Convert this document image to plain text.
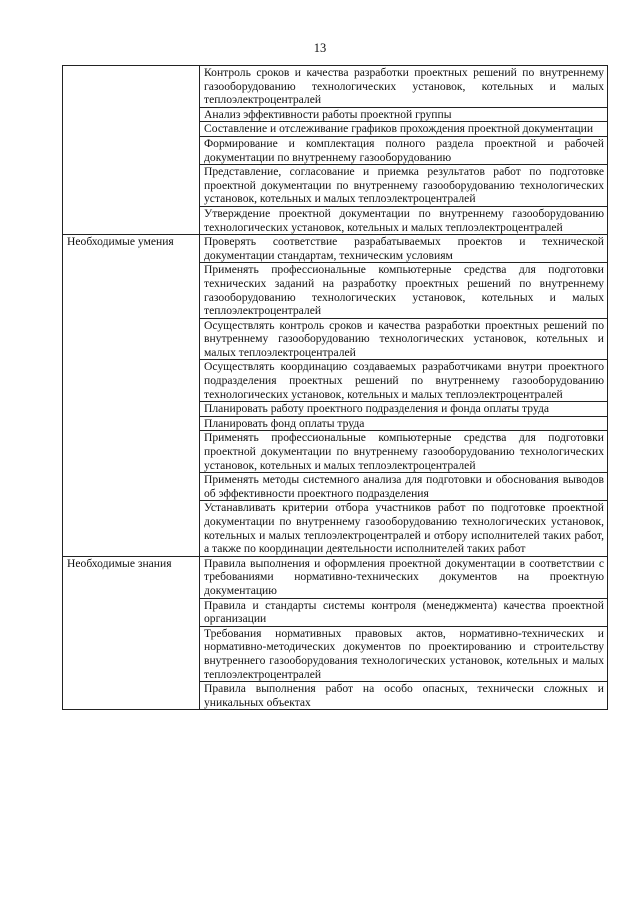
13
	Контроль сроков и качества разработки проектных решений по внутреннему газооборудованию технологических установок, котельных и малых теплоэлектроцентралей
	Анализ эффективности работы проектной группы
	Составление и отслеживание графиков прохождения проектной документации
	Формирование и комплектация полного раздела проектной и рабочей документации по внутреннему газооборудованию
	Представление, согласование и приемка результатов работ по подготовке проектной документации по внутреннему газооборудованию технологических установок, котельных и малых теплоэлектроцентралей
	Утверждение проектной документации по внутреннему газооборудованию технологических установок, котельных и малых теплоэлектроцентралей
Необходимые умения	Проверять соответствие разрабатываемых проектов и технической документации стандартам, техническим условиям
	Применять профессиональные компьютерные средства для подготовки технических заданий на разработку проектных решений по внутреннему газооборудованию технологических установок, котельных и малых теплоэлектроцентралей
	Осуществлять контроль сроков и качества разработки проектных решений по внутреннему газооборудованию технологических установок, котельных и малых теплоэлектроцентралей
	Осуществлять координацию создаваемых разработчиками внутри проектного подразделения проектных решений по внутреннему газооборудованию технологических установок, котельных и малых теплоэлектроцентралей
	Планировать работу проектного подразделения и фонда оплаты труда
	Планировать фонд оплаты труда
	Применять профессиональные компьютерные средства для подготовки проектной документации по внутреннему газооборудованию технологических установок, котельных и малых теплоэлектроцентралей
	Применять методы системного анализа для подготовки и обоснования выводов об эффективности проектного подразделения
	Устанавливать критерии отбора участников работ по подготовке проектной документации по внутреннему газооборудованию технологических установок, котельных и малых теплоэлектроцентралей и отбору исполнителей таких работ, а также по координации деятельности исполнителей таких работ
Необходимые знания	Правила выполнения и оформления проектной документации в соответствии с требованиями нормативно-технических документов на проектную документацию
	Правила и стандарты системы контроля (менеджмента) качества проектной организации
	Требования нормативных правовых актов, нормативно-технических и нормативно-методических документов по проектированию и строительству внутреннего газооборудования технологических установок, котельных и малых теплоэлектроцентралей
	Правила выполнения работ на особо опасных, технически сложных и уникальных объектах
